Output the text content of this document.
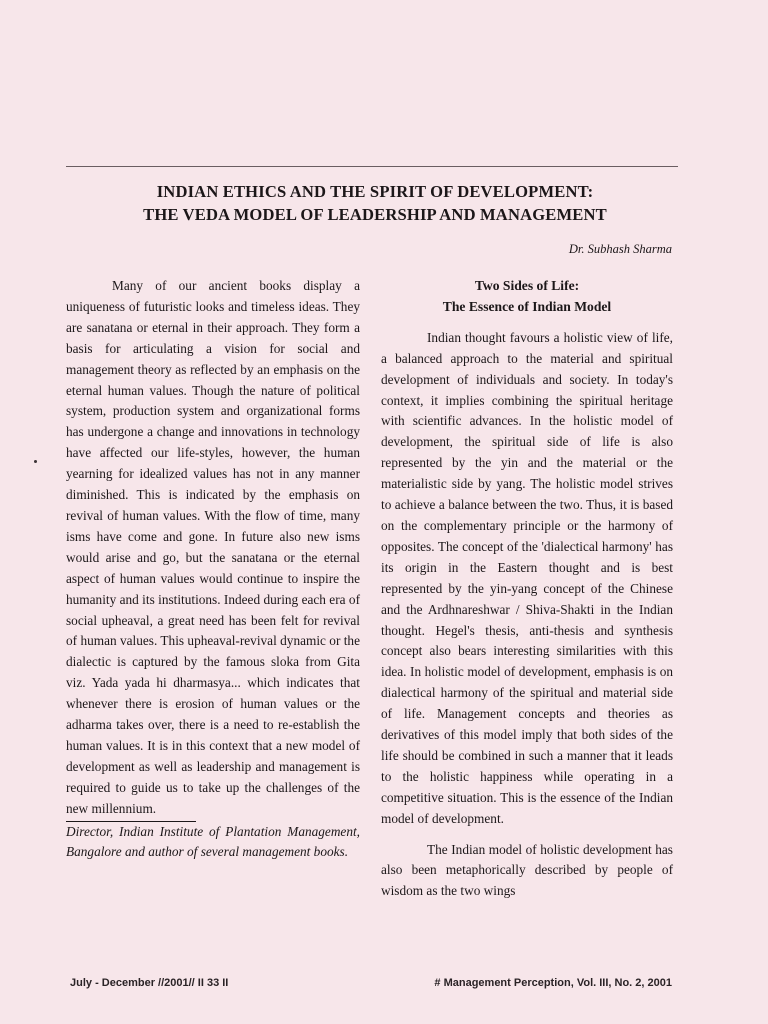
INDIAN ETHICS AND THE SPIRIT OF DEVELOPMENT:
THE VEDA MODEL OF LEADERSHIP AND MANAGEMENT
Dr. Subhash Sharma

Many of our ancient books display a uniqueness of futuristic looks and timeless ideas. They are sanatana or eternal in their approach. They form a basis for articulating a vision for social and management theory as reflected by an emphasis on the eternal human values. Though the nature of political system, production system and organizational forms has undergone a change and innovations in technology have affected our life-styles, however, the human yearning for idealized values has not in any manner diminished. This is indicated by the emphasis on revival of human values. With the flow of time, many isms have come and gone. In future also new isms would arise and go, but the sanatana or the eternal aspect of human values would continue to inspire the humanity and its institutions. Indeed during each era of social upheaval, a great need has been felt for revival of human values. This upheaval-revival dynamic or the dialectic is captured by the famous sloka from Gita viz. Yada yada hi dharmasya... which indicates that whenever there is erosion of human values or the adharma takes over, there is a need to re-establish the human values. It is in this context that a new model of development as well as leadership and management is required to guide us to take up the challenges of the new millennium.

Director, Indian Institute of Plantation Management, Bangalore and author of several management books.

Two Sides of Life:
The Essence of Indian Model

Indian thought favours a holistic view of life, a balanced approach to the material and spiritual development of individuals and society. In today's context, it implies combining the spiritual heritage with scientific advances. In the holistic model of development, the spiritual side of life is also represented by the yin and the material or the materialistic side by yang. The holistic model strives to achieve a balance between the two. Thus, it is based on the complementary principle or the harmony of opposites. The concept of the 'dialectical harmony' has its origin in the Eastern thought and is best represented by the yin-yang concept of the Chinese and the Ardhnareshwar / Shiva-Shakti in the Indian thought. Hegel's thesis, anti-thesis and synthesis concept also bears interesting similarities with this idea. In holistic model of development, emphasis is on dialectical harmony of the spiritual and material side of life. Management concepts and theories as derivatives of this model imply that both sides of the life should be combined in such a manner that it leads to the holistic happiness while operating in a competitive situation. This is the essence of the Indian model of development.

The Indian model of holistic development has also been metaphorically described by people of wisdom as the two wings

July - December //2001// II 33 II	# Management Perception, Vol. III, No. 2, 2001
